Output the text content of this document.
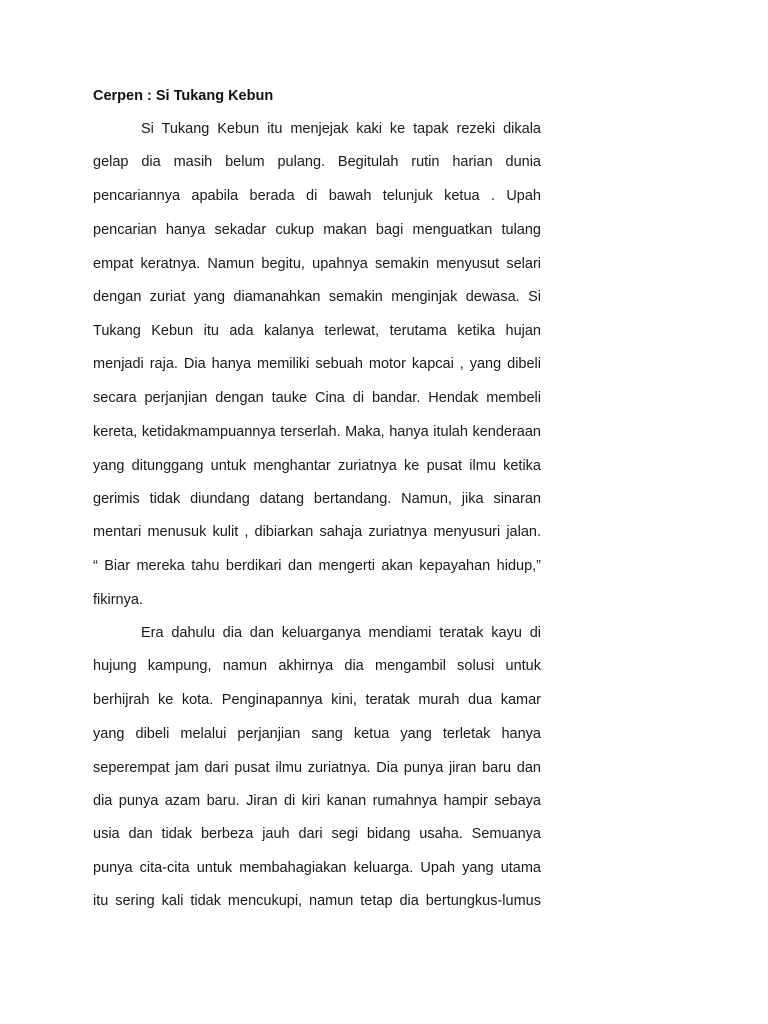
Cerpen : Si Tukang Kebun
Si Tukang Kebun itu menjejak kaki ke tapak rezeki dikala
gelap dia masih belum pulang. Begitulah rutin harian dunia
pencariannya apabila berada di bawah telunjuk ketua . Upah
pencarian hanya sekadar cukup makan bagi menguatkan tulang
empat keratnya. Namun begitu, upahnya semakin menyusut selari
dengan zuriat yang diamanahkan semakin menginjak dewasa. Si
Tukang Kebun itu ada kalanya terlewat, terutama ketika hujan
menjadi raja. Dia hanya memiliki sebuah motor kapcai , yang dibeli
secara perjanjian dengan tauke Cina di bandar. Hendak membeli
kereta, ketidakmampuannya terserlah. Maka, hanya itulah kenderaan
yang ditunggang untuk menghantar zuriatnya ke pusat ilmu ketika
gerimis tidak diundang datang bertandang. Namun, jika sinaran
mentari menusuk kulit , dibiarkan sahaja zuriatnya menyusuri jalan.
“ Biar mereka tahu berdikari dan mengerti akan kepayahan hidup,”
fikirnya.
Era dahulu dia dan keluarganya mendiami teratak kayu di
hujung kampung, namun akhirnya dia mengambil solusi untuk
berhijrah ke kota. Penginapannya kini, teratak murah dua kamar
yang dibeli melalui perjanjian sang ketua yang terletak hanya
seperempat jam dari pusat ilmu zuriatnya. Dia punya jiran baru dan
dia punya azam baru. Jiran di kiri kanan rumahnya hampir sebaya
usia dan tidak berbeza jauh dari segi bidang usaha. Semuanya
punya cita-cita untuk membahagiakan keluarga. Upah yang utama
itu sering kali tidak mencukupi, namun tetap dia bertungkus-lumus
